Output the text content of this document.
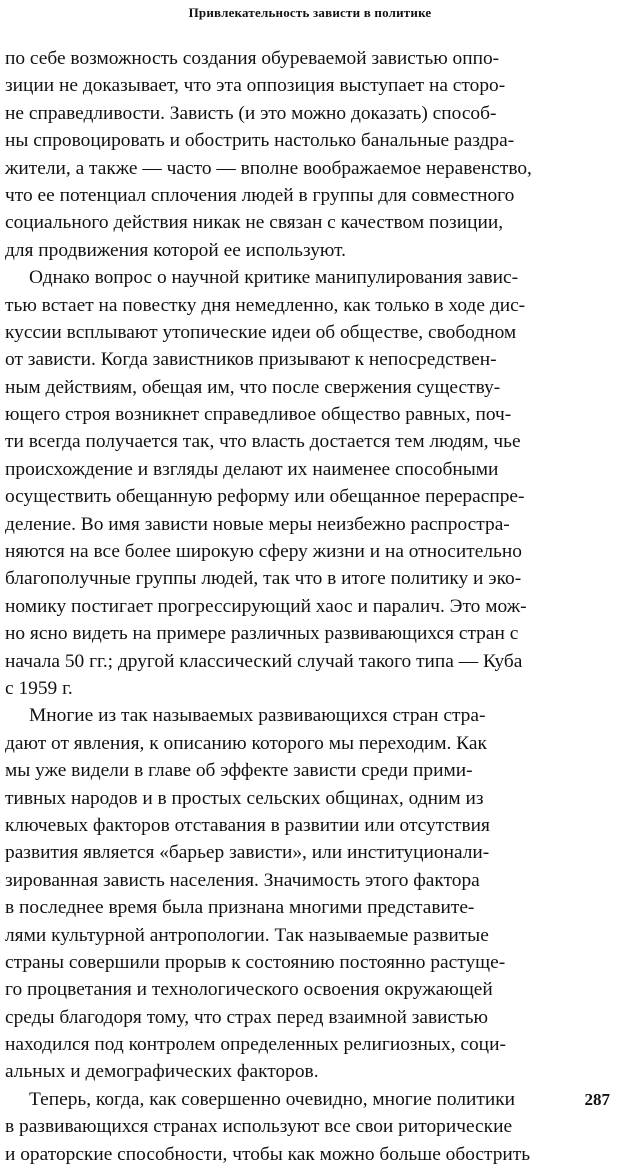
Привлекательность зависти в политике
по себе возможность создания обуреваемой завистью оппо-
зиции не доказывает, что эта оппозиция выступает на сторо-
не справедливости. Зависть (и это можно доказать) способ-
ны спровоцировать и обострить настолько банальные раздра-
жители, а также — часто — вполне воображаемое неравенство,
что ее потенциал сплочения людей в группы для совместного
социального действия никак не связан с качеством позиции,
для продвижения которой ее используют.
Однако вопрос о научной критике манипулирования завис-
тью встает на повестку дня немедленно, как только в ходе дис-
куссии всплывают утопические идеи об обществе, свободном
от зависти. Когда завистников призывают к непосредствен-
ным действиям, обещая им, что после свержения существу-
ющего строя возникнет справедливое общество равных, поч-
ти всегда получается так, что власть достается тем людям, чье
происхождение и взгляды делают их наименее способными
осуществить обещанную реформу или обещанное перераспре-
деление. Во имя зависти новые меры неизбежно распростра-
няются на все более широкую сферу жизни и на относительно
благополучные группы людей, так что в итоге политику и эко-
номику постигает прогрессирующий хаос и паралич. Это мож-
но ясно видеть на примере различных развивающихся стран с
начала 50 гг.; другой классический случай такого типа — Куба
с 1959 г.
Многие из так называемых развивающихся стран стра-
дают от явления, к описанию которого мы переходим. Как
мы уже видели в главе об эффекте зависти среди прими-
тивных народов и в простых сельских общинах, одним из
ключевых факторов отставания в развитии или отсутствия
развития является «барьер зависти», или институционали-
зированная зависть населения. Значимость этого фактора
в последнее время была признана многими представите-
лями культурной антропологии. Так называемые развитые
страны совершили прорыв к состоянию постоянно растуще-
го процветания и технологического освоения окружающей
среды благодоря тому, что страх перед взаимной завистью
находился под контролем определенных религиозных, соци-
альных и демографических факторов.
Теперь, когда, как совершенно очевидно, многие политики
в развивающихся странах используют все свои риторические
и ораторские способности, чтобы как можно больше обострить
287
